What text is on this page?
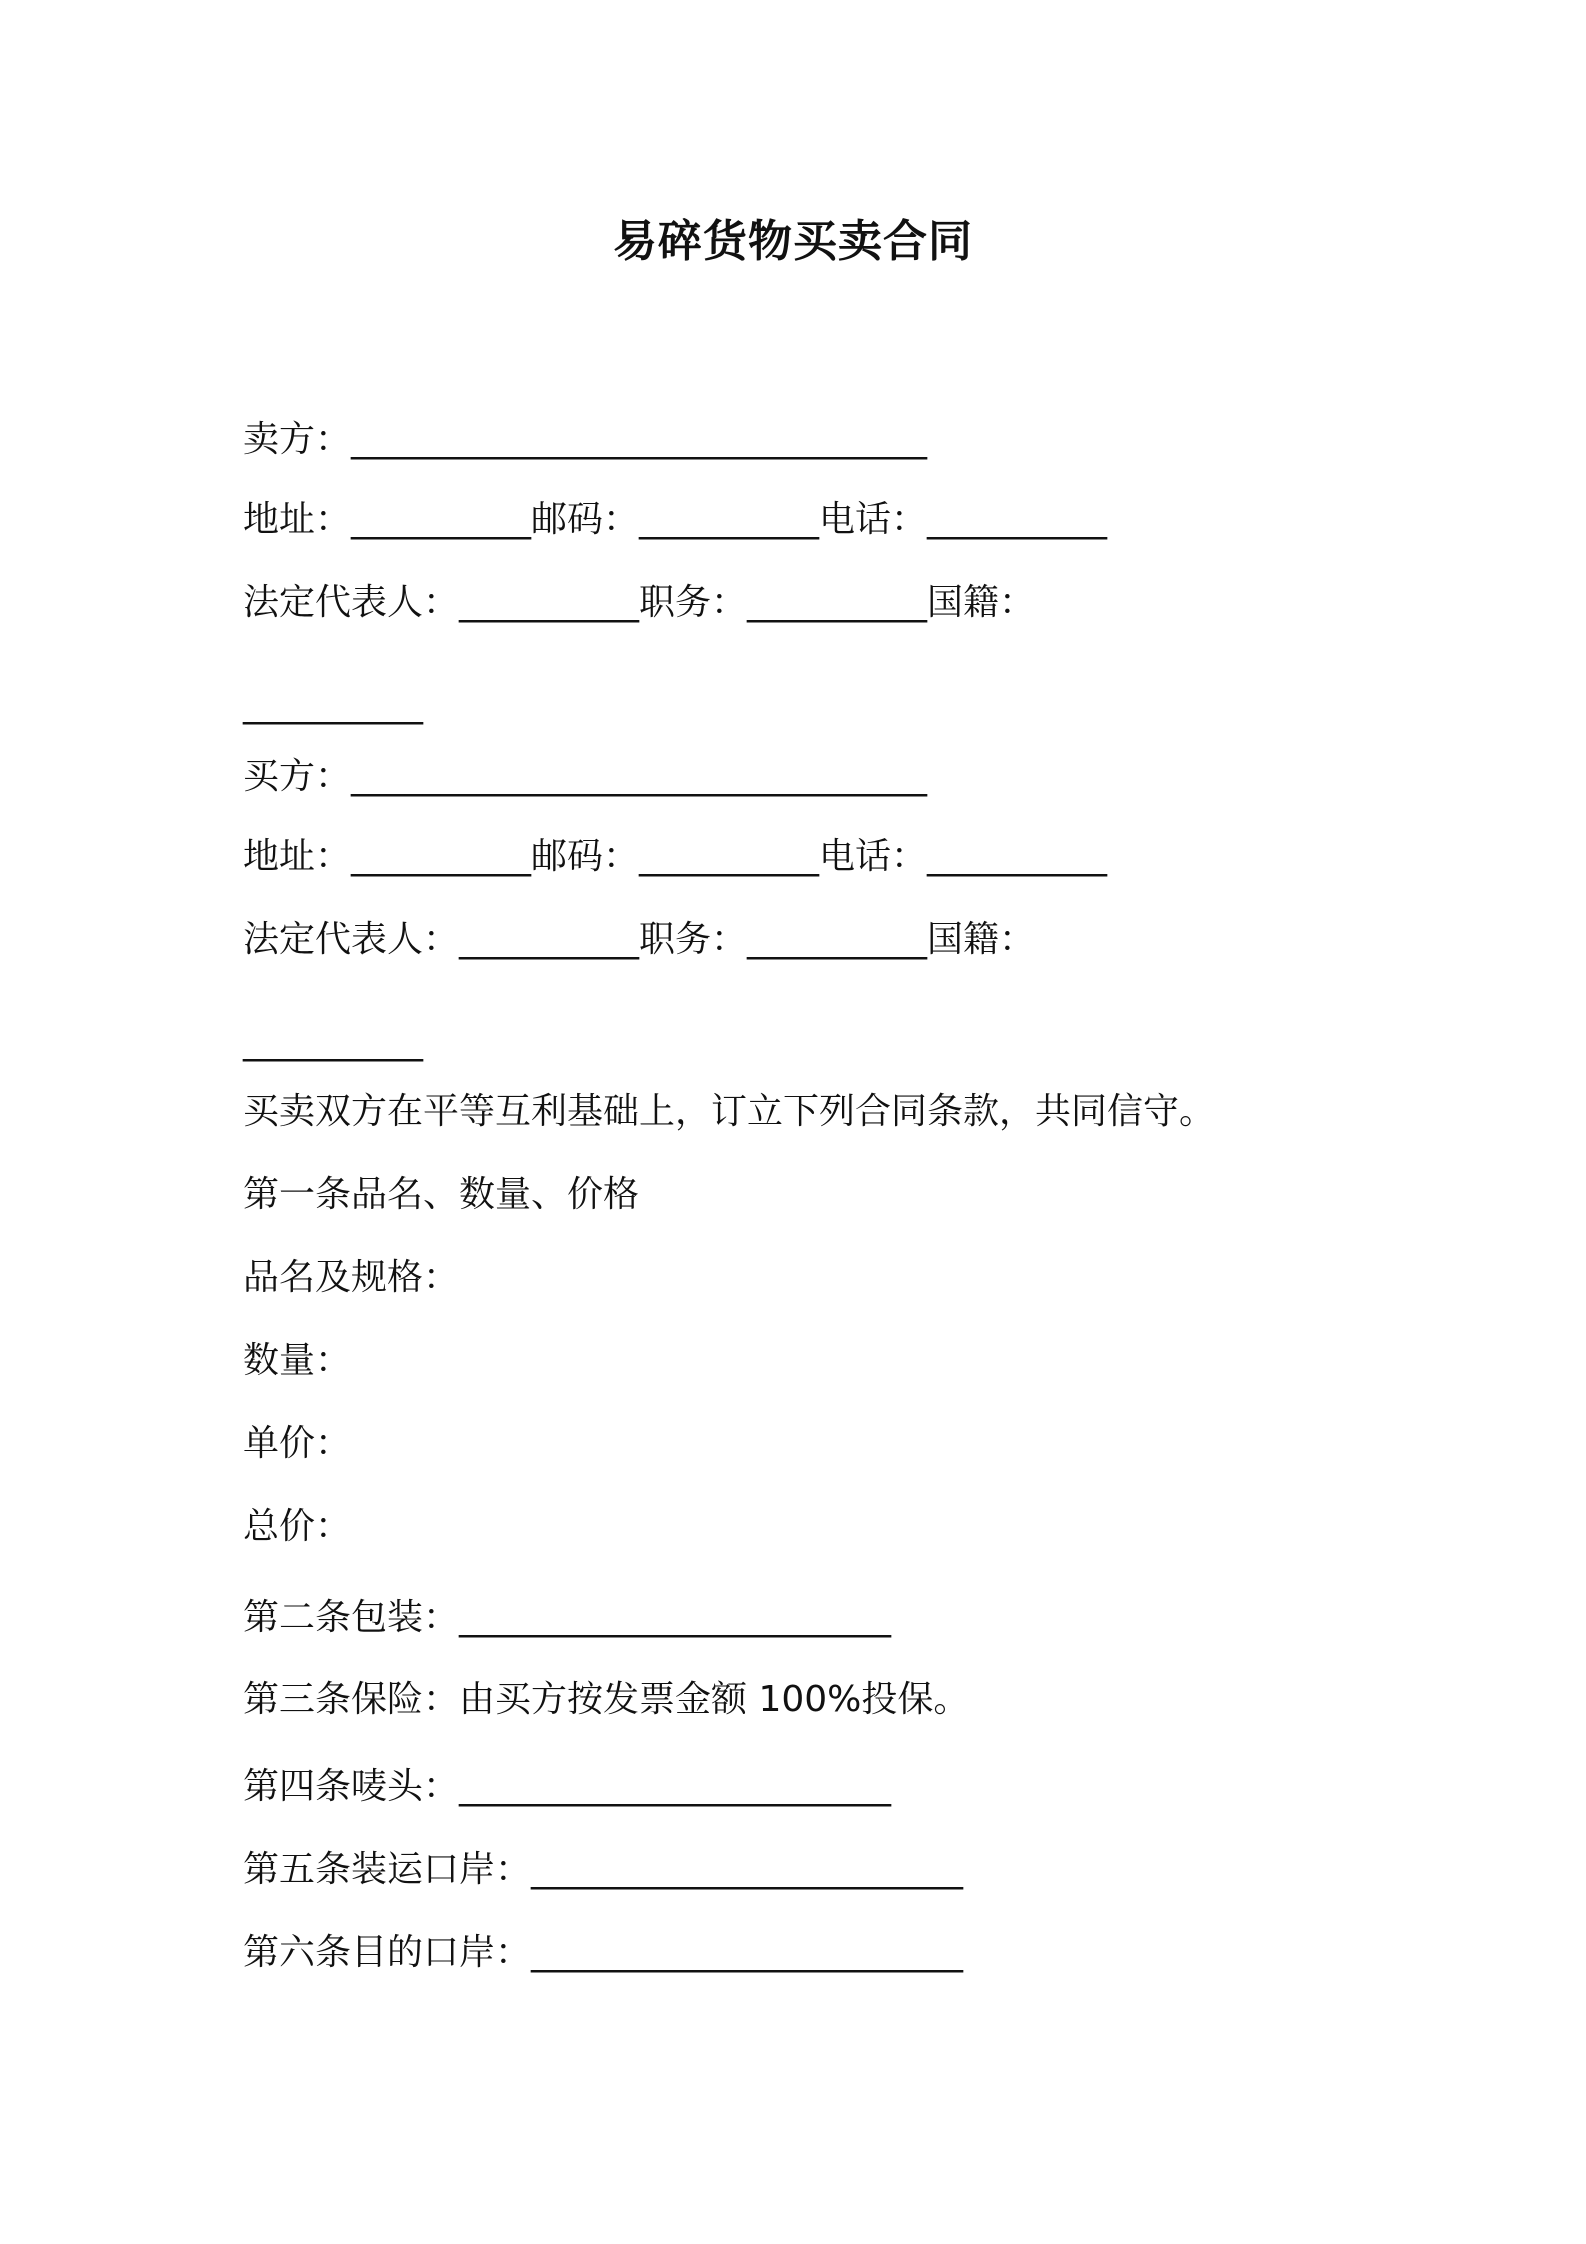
易碎货物买卖合同
卖方：________________________________
地址：__________邮码：__________电话：__________
法定代表人：__________职务：__________国籍：
__________
买方：________________________________
地址：__________邮码：__________电话：__________
法定代表人：__________职务：__________国籍：
__________
买卖双方在平等互利基础上，订立下列合同条款，共同信守。
第一条品名、数量、价格
品名及规格：
数量：
单价：
总价：
第二条包装：________________________
第三条保险：由买方按发票金额 100%投保。
第四条唛头：________________________
第五条装运口岸：________________________
第六条目的口岸：________________________
